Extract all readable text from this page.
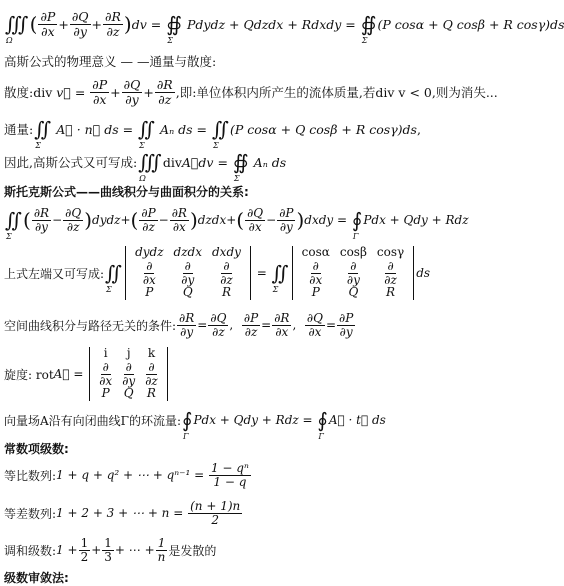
∭
Ω
( $\frac{\partial P}{\partial x} + \frac{\partial Q}{\partial y} + \frac{\partial R}{\partial z}$ ) dv = ∯
Σ
Pdydz + Qdzdx + Rdxdy = ∯
Σ
(P cosα + Q cosβ + R cosγ)ds
高斯公式的物理意义 — —通量与散度:
散度: div
v⃗ = $\frac{\partial P}{\partial x} + \frac{\partial Q}{\partial y} + \frac{\partial R}{\partial z}$ ,即:单位体积内所产生的流体质量,若 div v < 0,则为消失...
通量: ∬
Σ
A⃗ · n⃗ ds = ∬
Σ
Aₙ ds = ∬
Σ
(P cosα + Q cosβ + R cosγ)ds ,
因此,高斯公式又可写成: ∭
Ω
div A⃗dv = ∯
Σ
Aₙ ds
斯托克斯公式——曲线积分与曲面积分的关系:
∬
Σ
( $\frac{\partial R}{\partial y} - \frac{\partial Q}{\partial z}$ ) dydz + ( $\frac{\partial P}{\partial z} - \frac{\partial R}{\partial x}$ ) dzdx + ( $\frac{\partial Q}{\partial x} - \frac{\partial P}{\partial y}$ ) dxdy = ∮
Γ
Pdx + Qdy + Rdz
上式左端又可写成: ∬
Σ
dydz	dzdx	dxdy

$\frac{\partial}{\partial x}$	$\frac{\partial}{\partial y}$	$\frac{\partial}{\partial z}$

P	Q	R
= ∬
Σ
cosα	cosβ	cosγ

$\frac{\partial}{\partial x}$	$\frac{\partial}{\partial y}$	$\frac{\partial}{\partial z}$

P	Q	R
ds
空间曲线积分与路径无关的条件: $\frac{\partial R}{\partial y} = \frac{\partial Q}{\partial z}$ , $\frac{\partial P}{\partial z} = \frac{\partial R}{\partial x}$ , $\frac{\partial Q}{\partial x} = \frac{\partial P}{\partial y}$
旋度: rot A⃗ =
i	j	k

$\frac{\partial}{\partial x}$	$\frac{\partial}{\partial y}$	$\frac{\partial}{\partial z}$

P	Q	R
向量场A沿有向闭曲线Γ的环流量: ∮
Γ
Pdx + Qdy + Rdz = ∮
Γ
A⃗ · t⃗ ds
常数项级数:
等比数列: 1 + q + q² + ⋯ + qⁿ⁻¹ =
$\frac{\text{1 − qⁿ}}{1 - q}$
等差数列: 1 + 2 + 3 + ⋯ + n =
$\frac{(n + 1)n}{2}$
调和级数: $1 + \frac{1}{2} + \frac{1}{3}$ + ⋯ + $\frac{1}{n}$ 是发散的
级数审敛法:
